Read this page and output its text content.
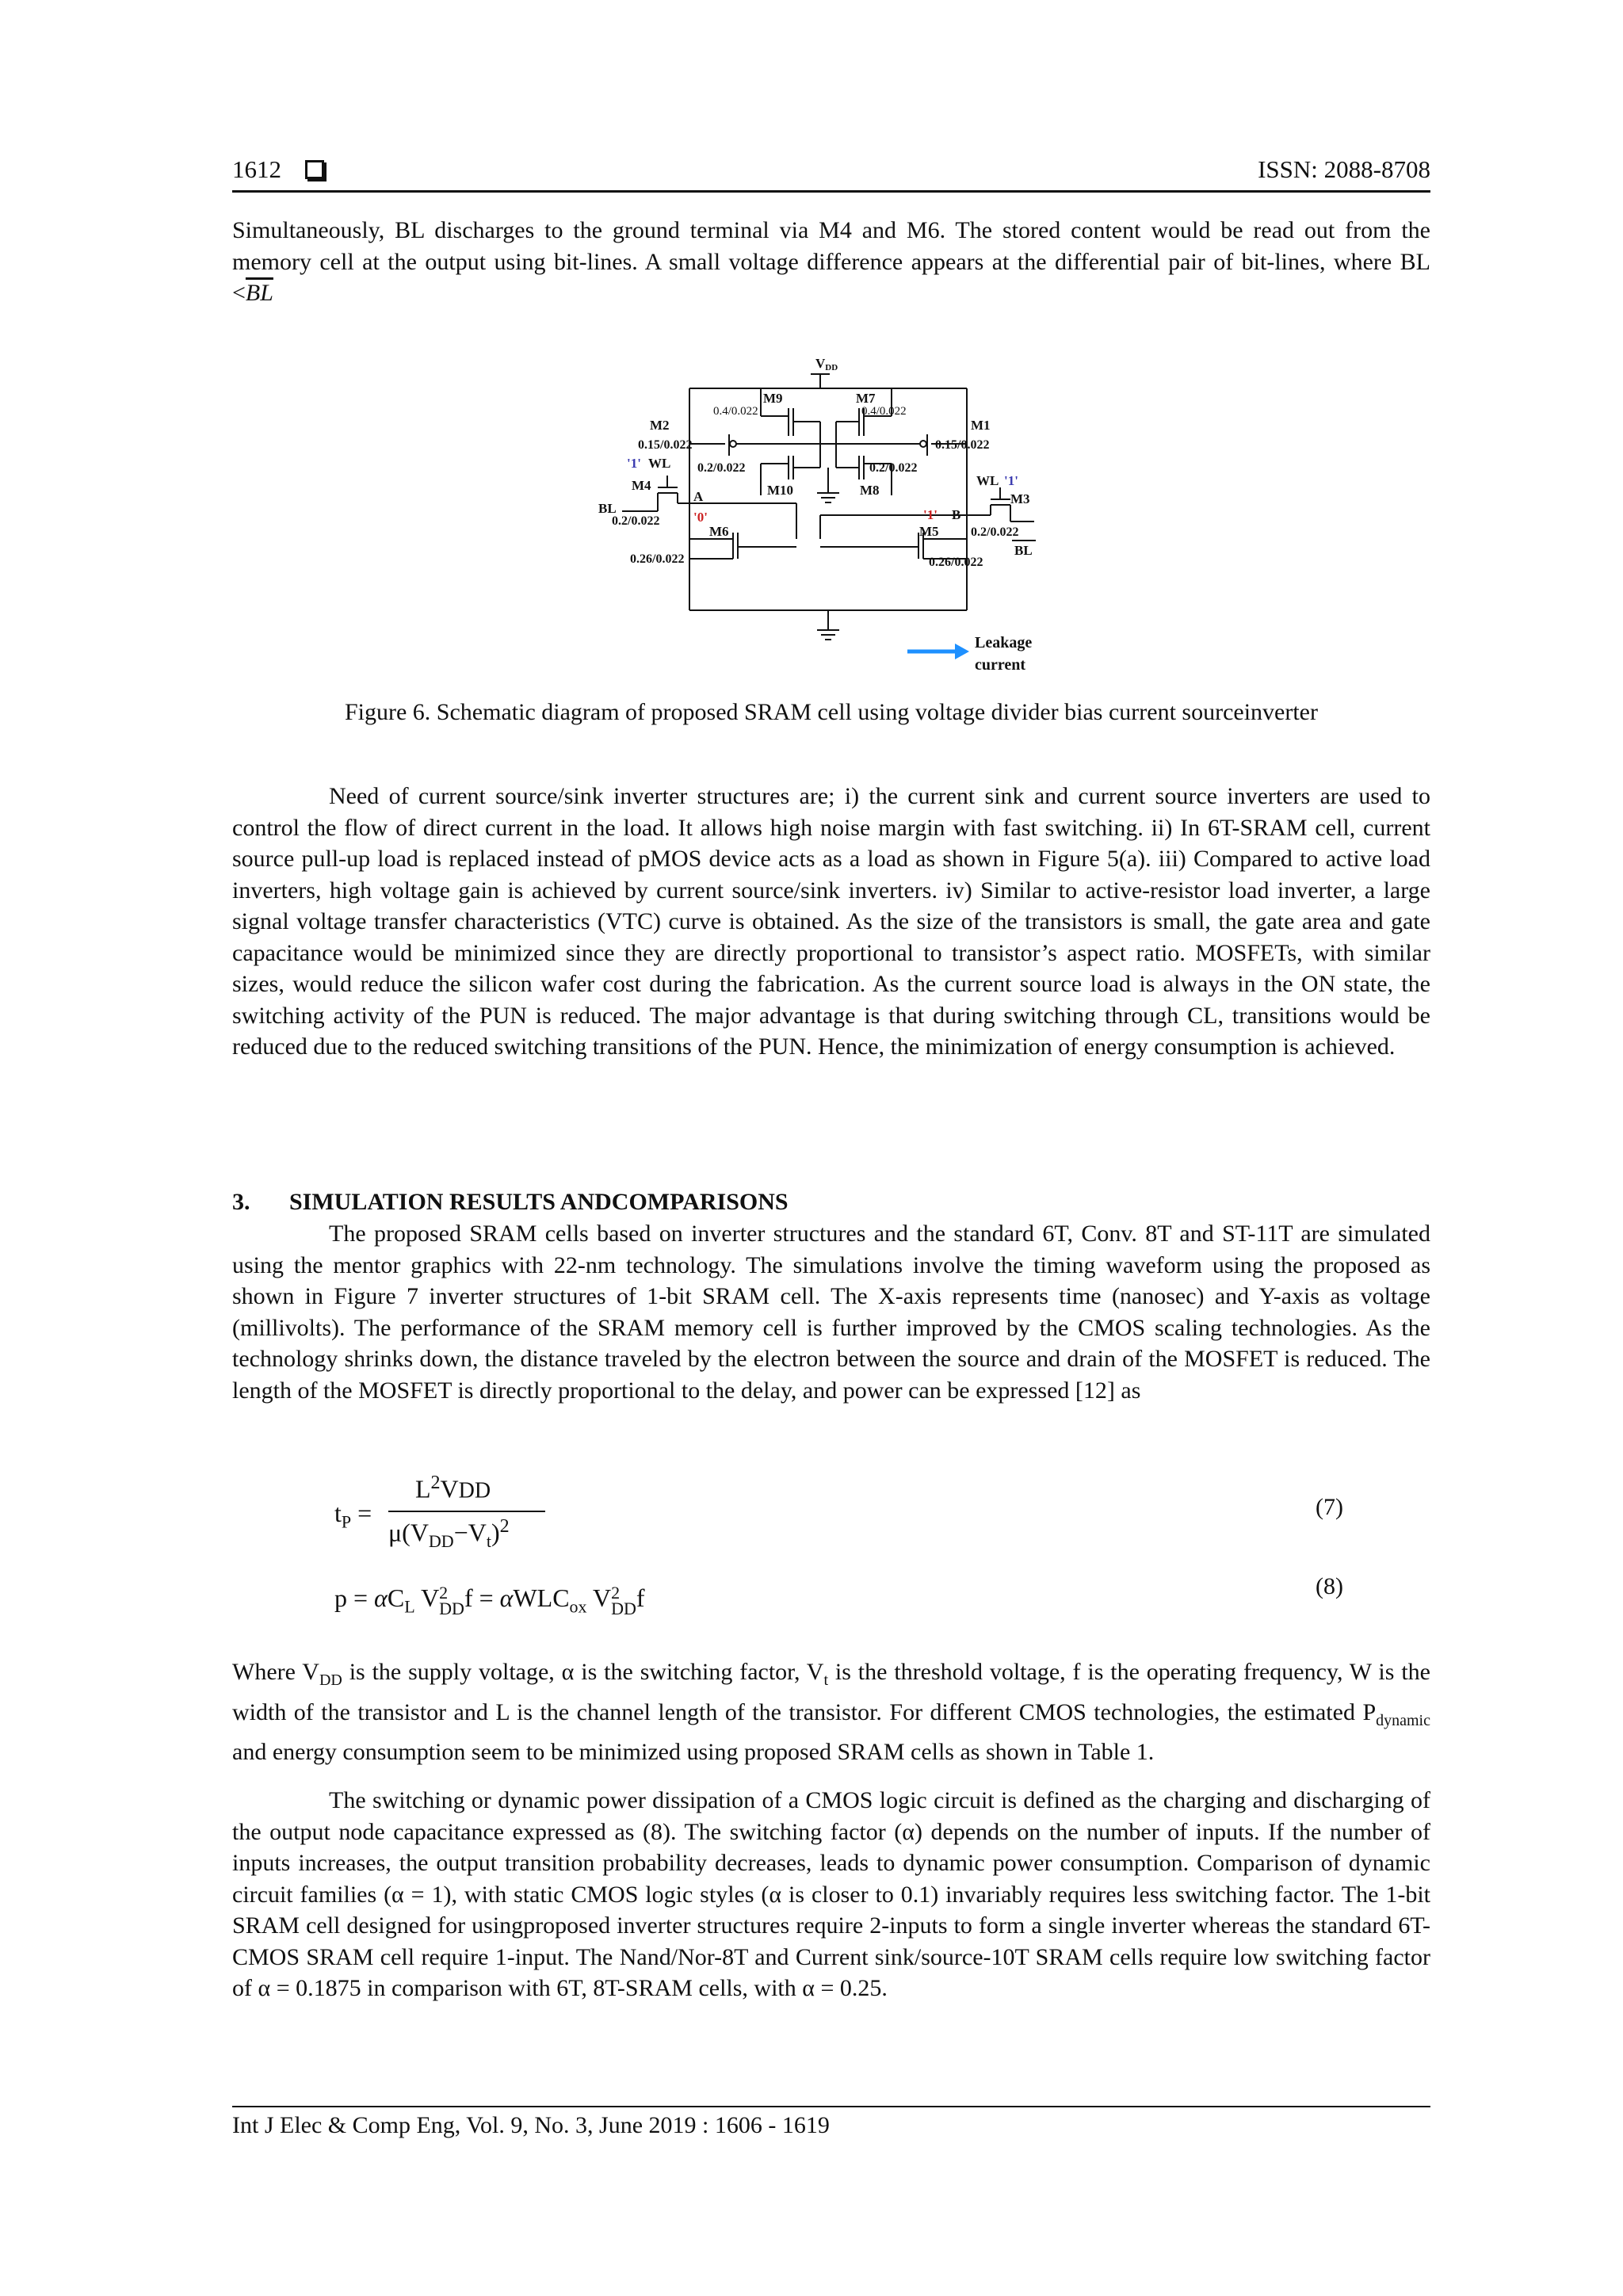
1612	ISSN: 2088-8708

Simultaneously, BL discharges to the ground terminal via M4 and M6. The stored content would be read out from the memory cell at the output using bit-lines. A small voltage difference appears at the differential pair of bit-lines, where BL $<\overline{BL}$

VDD
M9	M7
0.4/0.022	0.4/0.022
M2	M1
0.15/0.022	0.15/0.022
0.2/0.022	0.2/0.022
M10	M8
'1' WL
WL '1'
M4
M3
BL
BL
A
'0'
0.2/0.022	'1' B
M6	M5	0.2/0.022
0.26/0.022	0.26/0.022
Leakage
current
Figure 6. Schematic diagram of proposed SRAM cell using voltage divider bias current sourceinverter

Need of current source/sink inverter structures are; i) the current sink and current source inverters are used to control the flow of direct current in the load. It allows high noise margin with fast switching. ii) In 6T-SRAM cell, current source pull-up load is replaced instead of pMOS device acts as a load as shown in Figure 5(a). iii) Compared to active load inverters, high voltage gain is achieved by current source/sink inverters. iv) Similar to active-resistor load inverter, a large signal voltage transfer characteristics (VTC) curve is obtained. As the size of the transistors is small, the gate area and gate capacitance would be minimized since they are directly proportional to transistor’s aspect ratio. MOSFETs, with similar sizes, would reduce the silicon wafer cost during the fabrication. As the current source load is always in the ON state, the switching activity of the PUN is reduced. The major advantage is that during switching through CL, transitions would be reduced due to the reduced switching transitions of the PUN. Hence, the minimization of energy consumption is achieved.

3. SIMULATION RESULTS ANDCOMPARISONS

The proposed SRAM cells based on inverter structures and the standard 6T, Conv. 8T and ST-11T are simulated using the mentor graphics with 22-nm technology. The simulations involve the timing waveform using the proposed as shown in Figure 7 inverter structures of 1-bit SRAM cell. The X-axis represents time (nanosec) and Y-axis as voltage (millivolts). The performance of the SRAM memory cell is further improved by the CMOS scaling technologies. As the technology shrinks down, the distance traveled by the electron between the source and drain of the MOSFET is reduced. The length of the MOSFET is directly proportional to the delay, and power can be expressed [12] as

$t_P$ =
$L^2VDD$
$\mu(V_{DD}-V_t)^2$
(7)
$p = \alpha C_L$ V 2
DD f = αWLC$_{ox}$ V 2
DD f	(8)

Where $V_{DD}$ is the supply voltage, α is the switching factor, $V_t$ is the threshold voltage, f is the operating frequency, W is the width of the transistor and L is the channel length of the transistor. For different CMOS technologies, the estimated $P_{dynamic}$ and energy consumption seem to be minimized using proposed SRAM cells as shown in Table 1.

The switching or dynamic power dissipation of a CMOS logic circuit is defined as the charging and discharging of the output node capacitance expressed as (8). The switching factor (α) depends on the number of inputs. If the number of inputs increases, the output transition probability decreases, leads to dynamic power consumption. Comparison of dynamic circuit families (α = 1), with static CMOS logic styles (α is closer to 0.1) invariably requires less switching factor. The 1-bit SRAM cell designed for usingproposed inverter structures require 2-inputs to form a single inverter whereas the standard 6T-CMOS SRAM cell require 1-input. The Nand/Nor-8T and Current sink/source-10T SRAM cells require low switching factor of α = 0.1875 in comparison with 6T, 8T-SRAM cells, with α = 0.25.

Int J Elec & Comp Eng, Vol. 9, No. 3, June 2019 : 1606 - 1619
